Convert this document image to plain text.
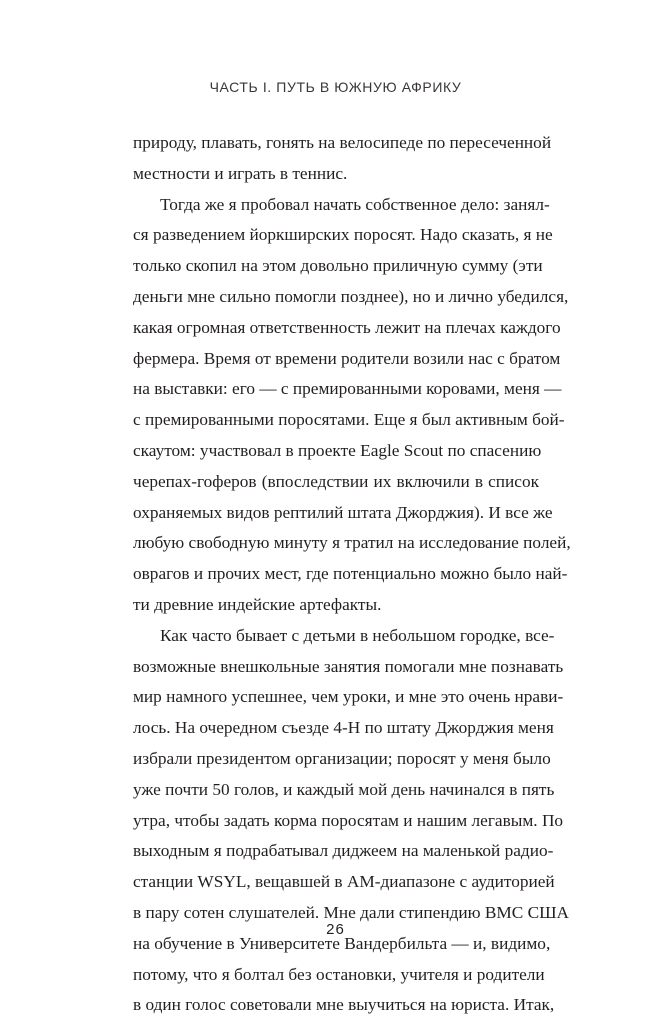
ЧАСТЬ I. ПУТЬ В ЮЖНУЮ АФРИКУ
природу, плавать, гонять на велосипеде по пересеченной
местности и играть в теннис.
Тогда же я пробовал начать собственное дело: занял-
ся разведением йоркширских поросят. Надо сказать, я не
только скопил на этом довольно приличную сумму (эти
деньги мне сильно помогли позднее), но и лично убедился,
какая огромная ответственность лежит на плечах каждого
фермера. Время от времени родители возили нас с братом
на выставки: его — с премированными коровами, меня —
с премированными поросятами. Еще я был активным бой-
скаутом: участвовал в проекте Eagle Scout по спасению
черепах-гоферов (впоследствии их включили в список
охраняемых видов рептилий штата Джорджия). И все же
любую свободную минуту я тратил на исследование полей,
оврагов и прочих мест, где потенциально можно было най-
ти древние индейские артефакты.
Как часто бывает с детьми в небольшом городке, все-
возможные внешкольные занятия помогали мне познавать
мир намного успешнее, чем уроки, и мне это очень нрави-
лось. На очередном съезде 4-H по штату Джорджия меня
избрали президентом организации; поросят у меня было
уже почти 50 голов, и каждый мой день начинался в пять
утра, чтобы задать корма поросятам и нашим легавым. По
выходным я подрабатывал диджеем на маленькой радио-
станции WSYL, вещавшей в AM-диапазоне с аудиторией
в пару сотен слушателей. Мне дали стипендию ВМС США
на обучение в Университете Вандербильта — и, видимо,
потому, что я болтал без остановки, учителя и родители
в один голос советовали мне выучиться на юриста. Итак,
26
